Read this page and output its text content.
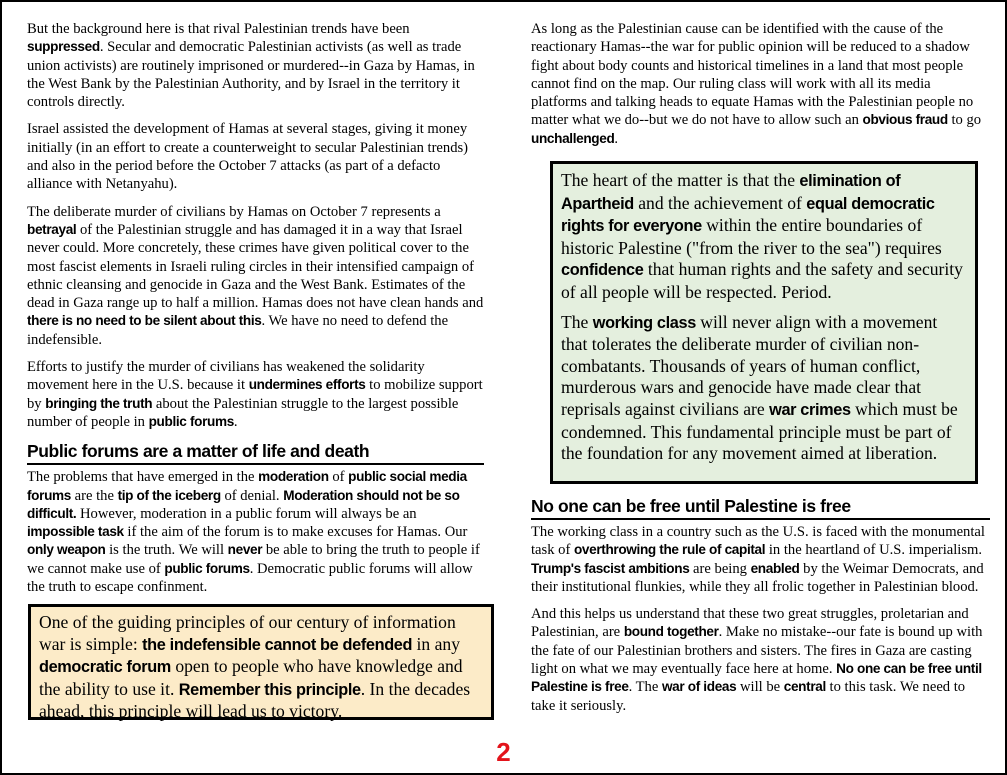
But the background here is that rival Palestinian trends have been suppressed. Secular and democratic Palestinian activists (as well as trade union activists) are routinely imprisoned or murdered--in Gaza by Hamas, in the West Bank by the Palestinian Authority, and by Israel in the territory it controls directly.

Israel assisted the development of Hamas at several stages, giving it money initially (in an effort to create a counterweight to secular Palestinian trends) and also in the period before the October 7 attacks (as part of a defacto alliance with Netanyahu).

The deliberate murder of civilians by Hamas on October 7 represents a betrayal of the Palestinian struggle and has damaged it in a way that Israel never could. More concretely, these crimes have given political cover to the most fascist elements in Israeli ruling circles in their intensified campaign of ethnic cleansing and genocide in Gaza and the West Bank. Estimates of the dead in Gaza range up to half a million. Hamas does not have clean hands and there is no need to be silent about this. We have no need to defend the indefensible.

Efforts to justify the murder of civilians has weakened the solidarity movement here in the U.S. because it undermines efforts to mobilize support by bringing the truth about the Palestinian struggle to the largest possible number of people in public forums.

Public forums are a matter of life and death

The problems that have emerged in the moderation of public social media forums are the tip of the iceberg of denial. Moderation should not be so difficult. However, moderation in a public forum will always be an impossible task if the aim of the forum is to make excuses for Hamas. Our only weapon is the truth. We will never be able to bring the truth to people if we cannot make use of public forums. Democratic public forums will allow the truth to escape confinment.

One of the guiding principles of our century of information war is simple: the indefensible cannot be defended in any democratic forum open to people who have knowledge and the ability to use it. Remember this principle. In the decades ahead, this principle will lead us to victory.

As long as the Palestinian cause can be identified with the cause of the reactionary Hamas--the war for public opinion will be reduced to a shadow fight about body counts and historical timelines in a land that most people cannot find on the map. Our ruling class will work with all its media platforms and talking heads to equate Hamas with the Palestinian people no matter what we do--but we do not have to allow such an obvious fraud to go unchallenged.

The heart of the matter is that the elimination of Apartheid and the achievement of equal democratic rights for everyone within the entire boundaries of historic Palestine ("from the river to the sea") requires confidence that human rights and the safety and security of all people will be respected. Period.

The working class will never align with a movement that tolerates the deliberate murder of civilian non-combatants. Thousands of years of human conflict, murderous wars and genocide have made clear that reprisals against civilians are war crimes which must be condemned. This fundamental principle must be part of the foundation for any movement aimed at liberation.

No one can be free until Palestine is free

The working class in a country such as the U.S. is faced with the monumental task of overthrowing the rule of capital in the heartland of U.S. imperialism. Trump's fascist ambitions are being enabled by the Weimar Democrats, and their institutional flunkies, while they all frolic together in Palestinian blood.

And this helps us understand that these two great struggles, proletarian and Palestinian, are bound together. Make no mistake--our fate is bound up with the fate of our Palestinian brothers and sisters. The fires in Gaza are casting light on what we may eventually face here at home. No one can be free until Palestine is free. The war of ideas will be central to this task. We need to take it seriously.

2
